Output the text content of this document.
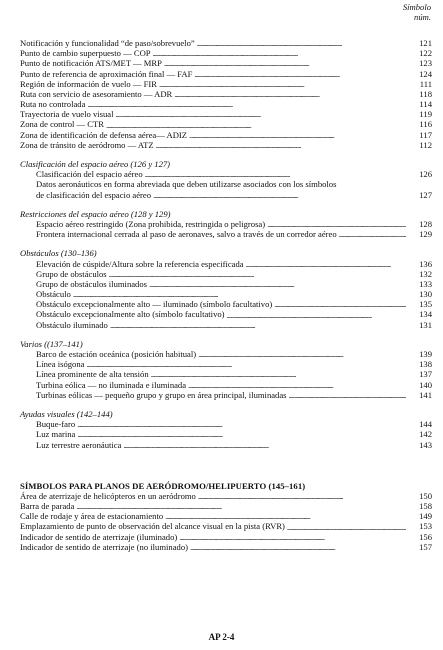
Símbolo
núm.
Notificación y funcionalidad “de paso/sobrevuelo” . . .	121
Punto de cambio superpuesto — COP . . .	122
Punto de notificación ATS/MET — MRP . . .	123
Punto de referencia de aproximación final — FAF . . .	124
Región de información de vuelo — FIR . . .	111
Ruta con servicio de asesoramiento — ADR . . .	118
Ruta no controlada . . .	114
Trayectoria de vuelo visual . . .	119
Zona de control — CTR . . .	116
Zona de identificación de defensa aérea— ADIZ . . .	117
Zona de tránsito de aeródromo — ATZ . . .	112
Clasificación del espacio aéreo (126 y 127)
Clasificación del espacio aéreo . . .	126
Datos aeronáuticos en forma abreviada que deben utilizarse asociados con los símbolos
de clasificación del espacio aéreo . . .	127
Restricciones del espacio aéreo (128 y 129)
Espacio aéreo restringido (Zona prohibida, restringida o peligrosa) . . .	128
Frontera internacional cerrada al paso de aeronaves, salvo a través de un corredor aéreo . . .	129
Obstáculos (130–136)
Elevación de cúspide/Altura sobre la referencia especificada . . .	136
Grupo de obstáculos . . .	132
Grupo de obstáculos iluminados . . .	133
Obstáculo . . .	130
Obstáculo excepcionalmente alto — iluminado (símbolo facultativo) . . .	135
Obstáculo excepcionalmente alto (símbolo facultativo) . . .	134
Obstáculo iluminado . . .	131
Varios ((137–141)
Barco de estación oceánica (posición habitual) . . .	139
Línea isógona . . .	138
Línea prominente de alta tensión . . .	137
Turbina eólica — no iluminada e iluminada . . .	140
Turbinas eólicas — pequeño grupo y grupo en área principal, iluminadas . . .	141
Ayudas visuales (142–144)
Buque-faro . . .	144
Luz marina . . .	142
Luz terrestre aeronáutica . . .	143
SÍMBOLOS PARA PLANOS DE AERÓDROMO/HELIPUERTO (145–161)
Área de aterrizaje de helicópteros en un aeródromo . . .	150
Barra de parada . . .	158
Calle de rodaje y área de estacionamiento . . .	149
Emplazamiento de punto de observación del alcance visual en la pista (RVR) . . .	153
Indicador de sentido de aterrizaje (iluminado) . . .	156
Indicador de sentido de aterrizaje (no iluminado) . . .	157
AP 2-4
